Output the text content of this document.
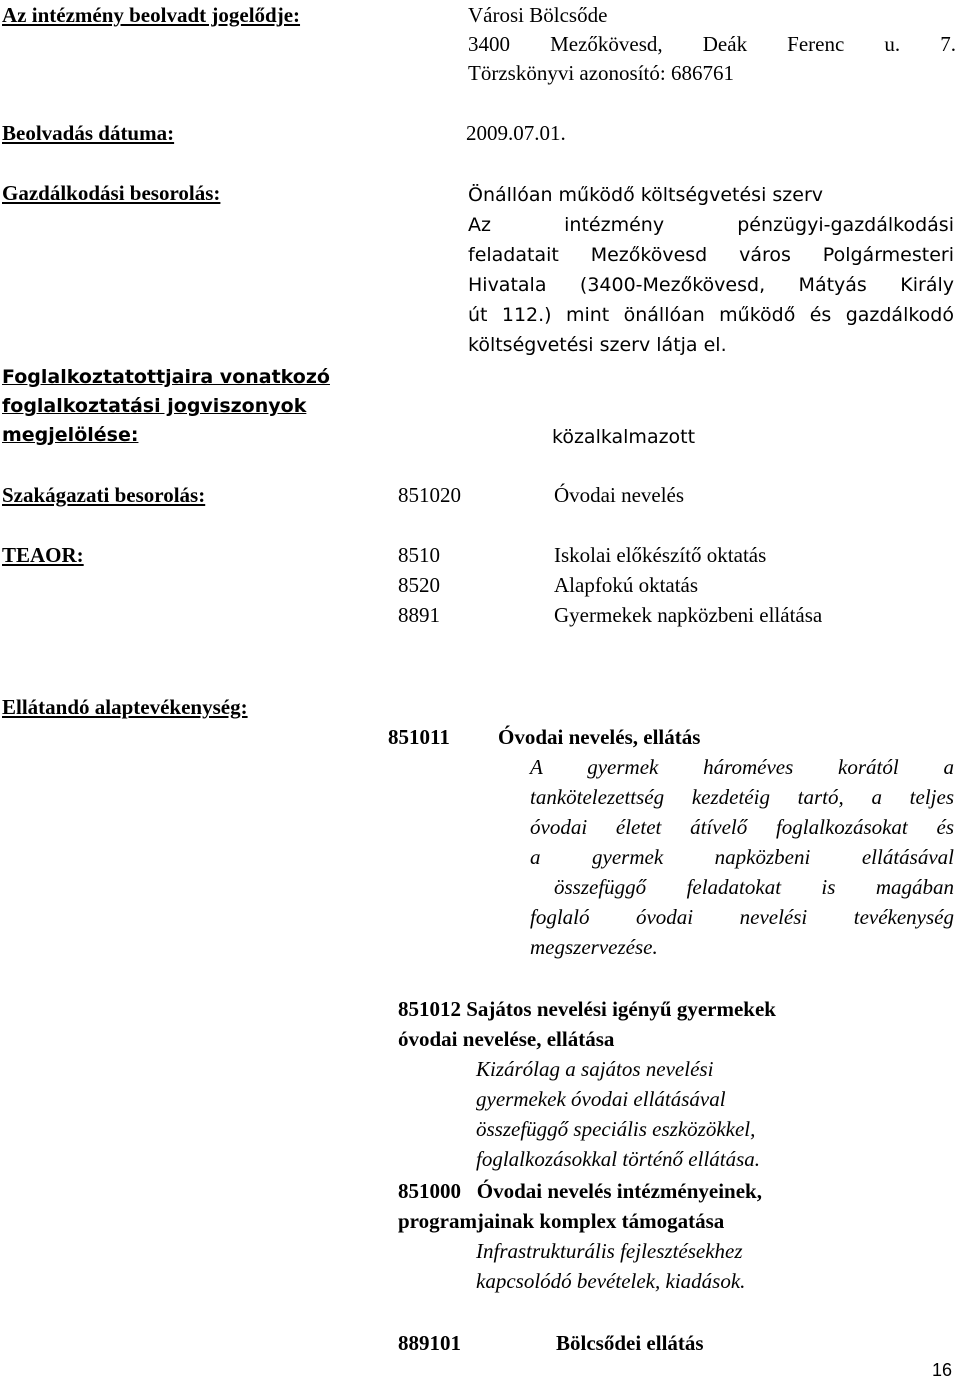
Az intézmény beolvadt jogelődje:	Városi Bölcsőde
3400 Mezőkövesd, Deák Ferenc u. 7.
Törzskönyvi azonosító: 686761
Beolvadás dátuma:	2009.07.01.
Gazdálkodási besorolás:	Önállóan működő költségvetési szerv
Az intézmény pénzügyi-gazdálkodási
feladatait Mezőkövesd város Polgármesteri
Hivatala (3400-Mezőkövesd, Mátyás Király
út 112.) mint önállóan működő és gazdálkodó
költségvetési szerv látja el.
Foglalkoztatottjaira vonatkozó
foglalkoztatási jogviszonyok
megjelölése:	közalkalmazott
Szakágazati besorolás:	851020	Óvodai nevelés
TEAOR:	8510	Iskolai előkészítő oktatás
8520	Alapfokú oktatás
8891	Gyermekek napközbeni ellátása
Ellátandó alaptevékenység:
851011 Óvodai nevelés, ellátás
A gyermek hároméves korától a
tankötelezettség kezdetéig tartó, a teljes
óvodai életet átívelő foglalkozásokat és
a gyermek napközbeni ellátásával
összefüggő feladatokat is magában
foglaló óvodai nevelési tevékenység
megszervezése.
851012 Sajátos nevelési igényű gyermekek
óvodai nevelése, ellátása
Kizárólag a sajátos nevelési
gyermekek óvodai ellátásával
összefüggő speciális eszközökkel,
foglalkozásokkal történő ellátása.
851000   Óvodai nevelés intézményeinek,
programjainak komplex támogatása
Infrastrukturális fejlesztésekhez
kapcsolódó bevételek, kiadások.
889101	Bölcsődei ellátás
16
